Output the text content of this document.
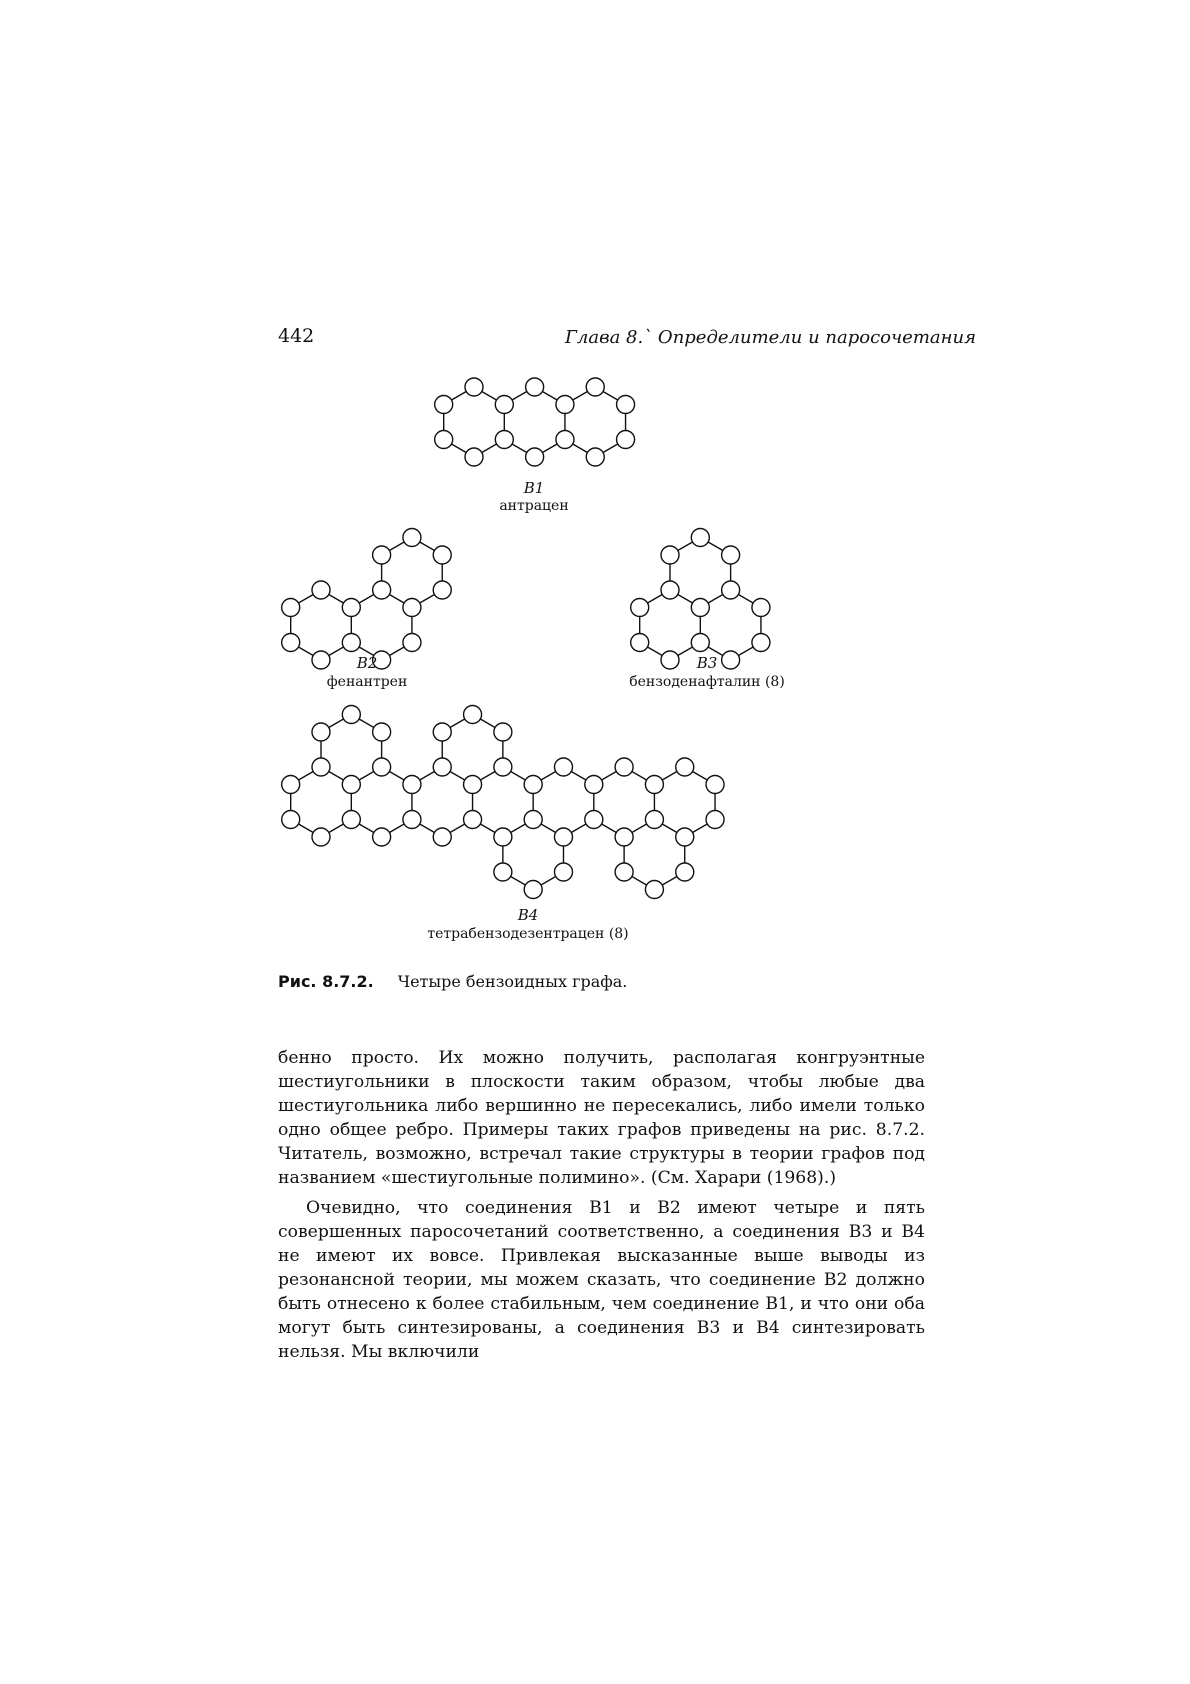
442	Глава 8.` Определители и паросочетания
B1
антрацен
B2
фенантрен
B3
бензоденафталин (8)
B4
тетрабензодезентрацен (8)
Рис. 8.7.2. Четыре бензоидных графа.

бенно просто. Их можно получить, располагая конгруэнтные шестиугольники в плоскости таким образом, чтобы любые два шестиугольника либо вершинно не пересекались, либо имели только одно общее ребро. Примеры таких графов приведены на рис. 8.7.2. Читатель, возможно, встречал такие структуры в теории графов под названием «шестиугольные полимино». (См. Харари (1968).)

Очевидно, что соединения B1 и B2 имеют четыре и пять совершенных паросочетаний соответственно, а соединения B3 и B4 не имеют их вовсе. Привлекая высказанные выше выводы из резонансной теории, мы можем сказать, что соединение B2 должно быть отнесено к более стабильным, чем соединение B1, и что они оба могут быть синтезированы, а соединения B3 и B4 синтезировать нельзя. Мы включили
